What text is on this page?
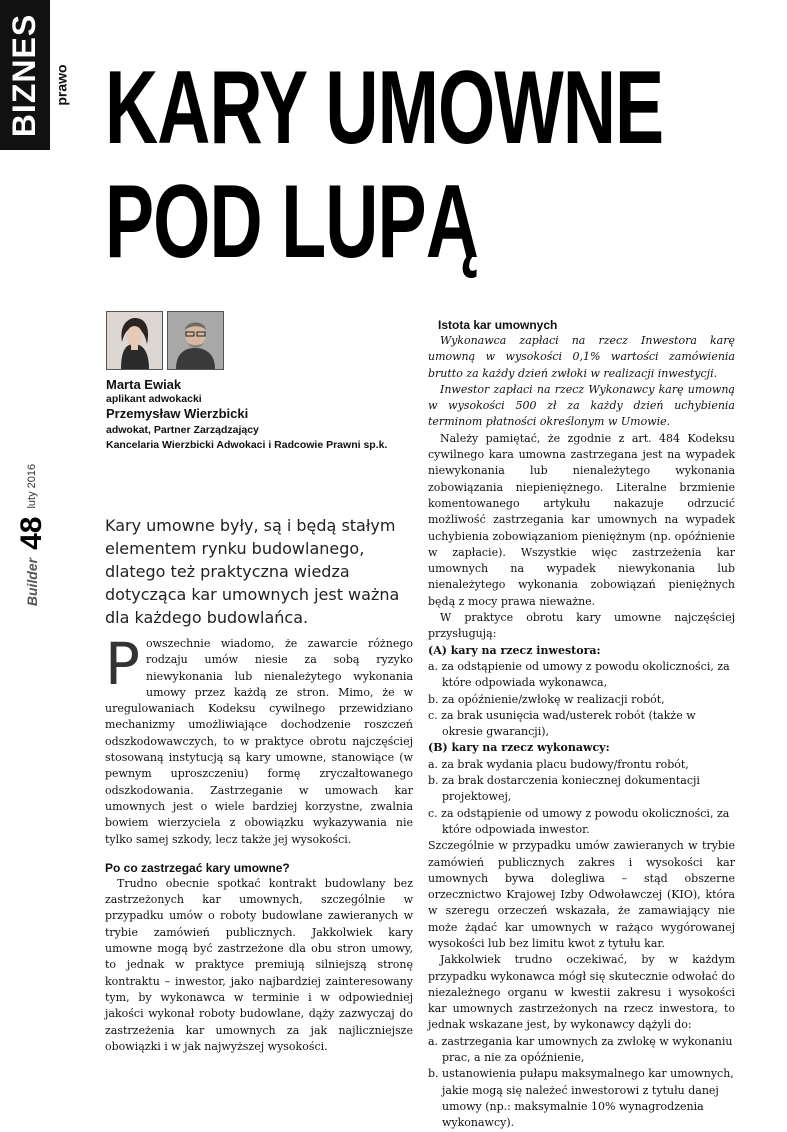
BIZNES prawo KARY UMOWNE
POD LUPĄ
Builder
48
luty 2016
Marta Ewiak
aplikant adwokacki
Przemysław Wierzbicki
adwokat, Partner Zarządzający
Kancelaria Wierzbicki Adwokaci i Radcowie Prawni sp.k.
Kary umowne były, są i będą stałym elementem rynku budowlanego, dlatego też praktyczna wiedza dotycząca kar umownych jest ważna dla każdego budowlańca.

Powszechnie wiadomo, że zawarcie różnego rodzaju umów niesie za sobą ryzyko niewykonania lub nienależytego wykonania umowy przez każdą ze stron. Mimo, że w uregulowaniach Kodeksu cywilnego przewidziano mechanizmy umożliwiające dochodzenie roszczeń odszkodowawczych, to w praktyce obrotu najczęściej stosowaną instytucją są kary umowne, stanowiące (w pewnym uproszczeniu) formę zryczałtowanego odszkodowania. Zastrzeganie w umowach kar umownych jest o wiele bardziej korzystne, zwalnia bowiem wierzyciela z obowiązku wykazywania nie tylko samej szkody, lecz także jej wysokości.

Po co zastrzegać kary umowne?

Trudno obecnie spotkać kontrakt budowlany bez zastrzeżonych kar umownych, szczególnie w przypadku umów o roboty budowlane zawieranych w trybie zamówień publicznych. Jakkolwiek kary umowne mogą być zastrzeżone dla obu stron umowy, to jednak w praktyce premiują silniejszą stronę kontraktu – inwestor, jako najbardziej zainteresowany tym, by wykonawca w terminie i w odpowiedniej jakości wykonał roboty budowlane, dąży zazwyczaj do zastrzeżenia kar umownych za jak najliczniejsze obowiązki i w jak najwyższej wysokości.

Istota kar umownych

Wykonawca zapłaci na rzecz Inwestora karę umowną w wysokości 0,1% wartości zamówienia brutto za każdy dzień zwłoki w realizacji inwestycji.

Inwestor zapłaci na rzecz Wykonawcy karę umowną w wysokości 500 zł za każdy dzień uchybienia terminom płatności określonym w Umowie.

Należy pamiętać, że zgodnie z art. 484 Kodeksu cywilnego kara umowna zastrzegana jest na wypadek niewykonania lub nienależytego wykonania zobowiązania niepieniężnego. Literalne brzmienie komentowanego artykułu nakazuje odrzucić możliwość zastrzegania kar umownych na wypadek uchybienia zobowiązaniom pieniężnym (np. opóźnienie w zapłacie). Wszystkie więc zastrzeżenia kar umownych na wypadek niewykonania lub nienależytego wykonania zobowiązań pieniężnych będą z mocy prawa nieważne.

W praktyce obrotu kary umowne najczęściej przysługują:

(A) kary na rzecz inwestora:

a. za odstąpienie od umowy z powodu okoliczności, za które odpowiada wykonawca,

b. za opóźnienie/zwłokę w realizacji robót,

c. za brak usunięcia wad/usterek robót (także w okresie gwarancji),

(B) kary na rzecz wykonawcy:

a. za brak wydania placu budowy/frontu robót,

b. za brak dostarczenia koniecznej dokumentacji projektowej,

c. za odstąpienie od umowy z powodu okoliczności, za które odpowiada inwestor.

Szczególnie w przypadku umów zawieranych w trybie zamówień publicznych zakres i wysokości kar umownych bywa dolegliwa – stąd obszerne orzecznictwo Krajowej Izby Odwoławczej (KIO), która w szeregu orzeczeń wskazała, że zamawiający nie może żądać kar umownych w rażąco wygórowanej wysokości lub bez limitu kwot z tytułu kar.

Jakkolwiek trudno oczekiwać, by w każdym przypadku wykonawca mógł się skutecznie odwołać do niezależnego organu w kwestii zakresu i wysokości kar umownych zastrzeżonych na rzecz inwestora, to jednak wskazane jest, by wykonawcy dążyli do:

a. zastrzegania kar umownych za zwłokę w wykonaniu prac, a nie za opóźnienie,

b. ustanowienia pułapu maksymalnego kar umownych, jakie mogą się należeć inwestorowi z tytułu danej umowy (np.: maksymalnie 10% wynagrodzenia wykonawcy).
